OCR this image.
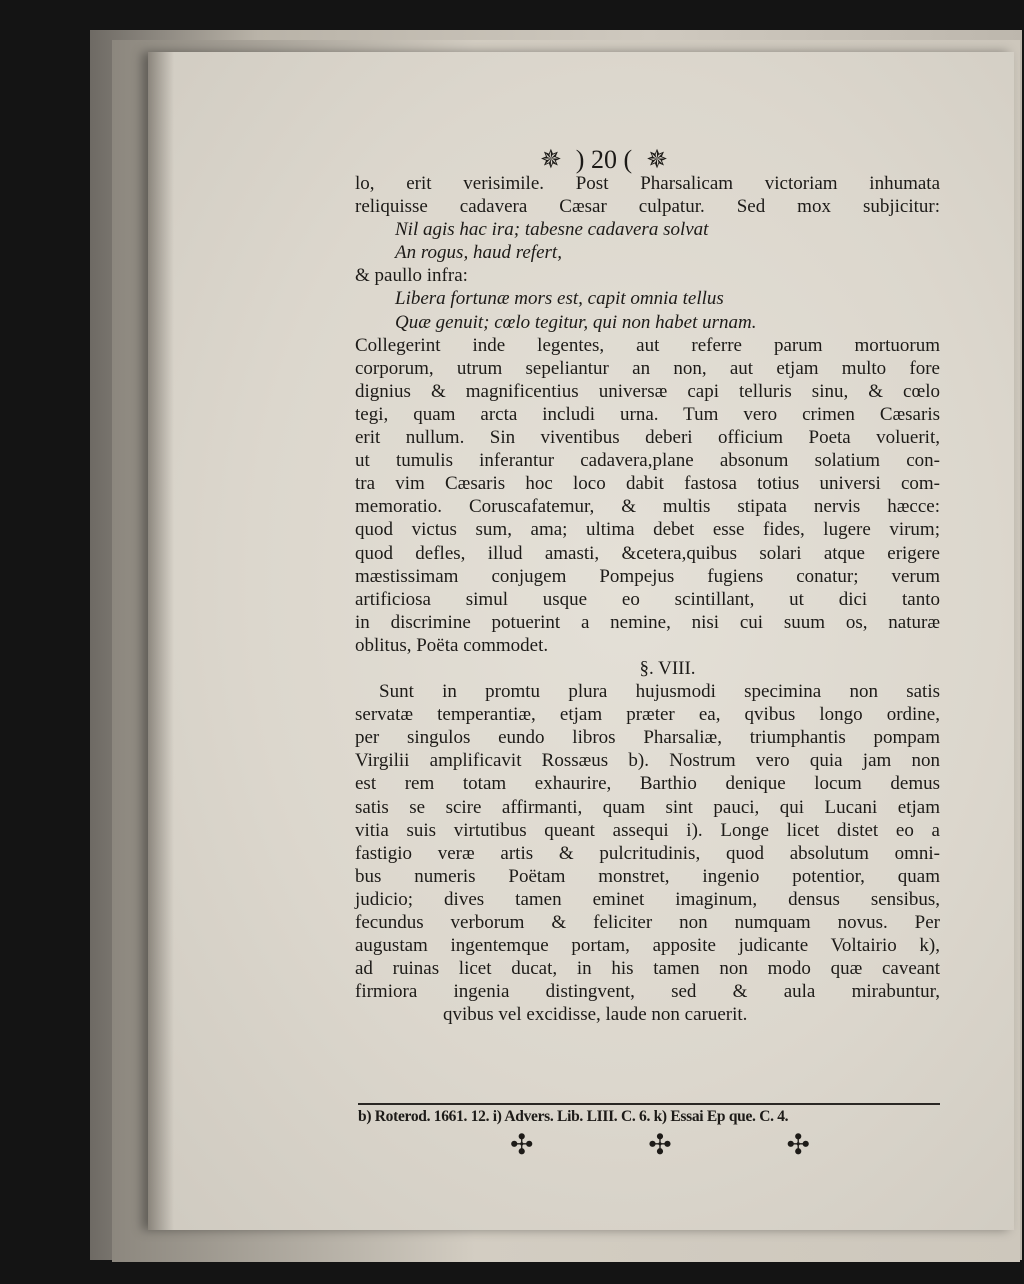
✵ ) 20 ( ✵
lo, erit verisimile. Post Pharsalicam victoriam inhumata
reliquisse cadavera Cæsar culpatur. Sed mox subjicitur:
Nil agis hac ira; tabesne cadavera solvat
An rogus, haud refert,
& paullo infra:
Libera fortunæ mors est, capit omnia tellus
Quæ genuit; cœlo tegitur, qui non habet urnam.
Collegerint inde legentes, aut referre parum mortuorum
corporum, utrum sepeliantur an non, aut etjam multo fore
dignius & magnificentius universæ capi telluris sinu, & cœlo
tegi, quam arcta includi urna. Tum vero crimen Cæsaris
erit nullum. Sin viventibus deberi officium Poeta voluerit,
ut tumulis inferantur cadavera,plane absonum solatium con-
tra vim Cæsaris hoc loco dabit fastosa totius universi com-
memoratio. Coruscafatemur, & multis stipata nervis hæcce:
quod victus sum, ama; ultima debet esse fides, lugere virum;
quod defles, illud amasti, &cetera,quibus solari atque erigere
mæstissimam conjugem Pompejus fugiens conatur; verum
artificiosa simul usque eo scintillant, ut dici tanto
in discrimine potuerint a nemine, nisi cui suum os, naturæ
oblitus, Poëta commodet.
§. VIII.
Sunt in promtu plura hujusmodi specimina non satis
servatæ temperantiæ, etjam præter ea, qvibus longo ordine,
per singulos eundo libros Pharsaliæ, triumphantis pompam
Virgilii amplificavit Rossæus b). Nostrum vero quia jam non
est rem totam exhaurire, Barthio denique locum demus
satis se scire affirmanti, quam sint pauci, qui Lucani etjam
vitia suis virtutibus queant assequi i). Longe licet distet eo a
fastigio veræ artis & pulcritudinis, quod absolutum omni-
bus numeris Poëtam monstret, ingenio potentior, quam
judicio; dives tamen eminet imaginum, densus sensibus,
fecundus verborum & feliciter non numquam novus. Per
augustam ingentemque portam, apposite judicante Voltairio k),
ad ruinas licet ducat, in his tamen non modo quæ caveant
firmiora ingenia distingvent, sed & aula mirabuntur,
qvibus vel excidisse, laude non caruerit.
b) Roterod. 1661. 12. i) Advers. Lib. LIII. C. 6. k) Essai Ep que. C. 4.
✣	✣	✣
